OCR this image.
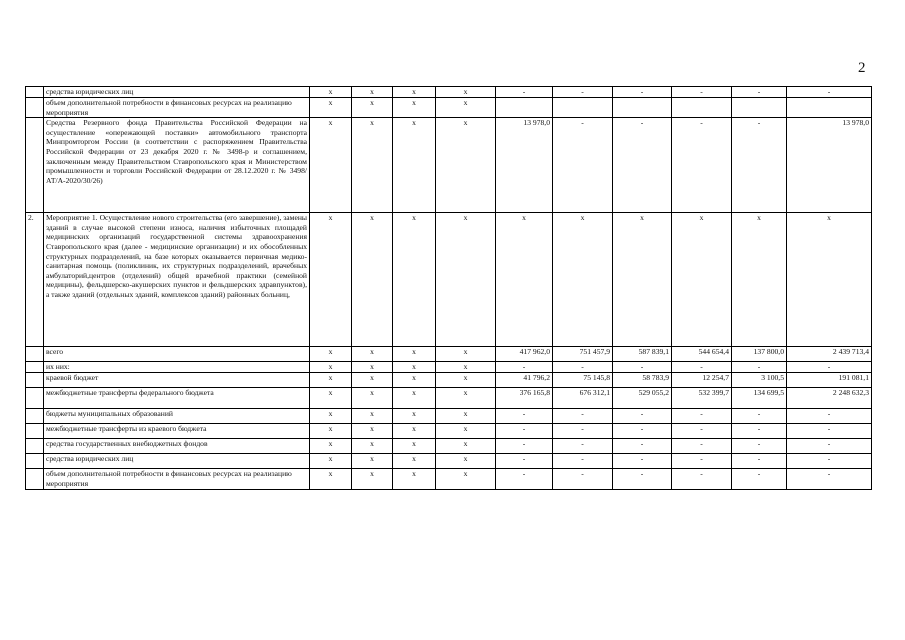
2
	средства юридических лиц	x	x	x	x	-	-	-	-	-	-
	объем дополнительной потребности в финансовых ресурсах на реализацию мероприятия	x	x	x	x						
	Средства Резервного фонда Правительства Российской Федерации на осуществление «опережающей поставки» автомобильного транспорта Минпромторгом России (в соответствии с распоряжением Правительства Российской Федерации от 23 декабря 2020 г. № 3498-р и соглашением, заключенным между Правительством Ставропольского края и Министерством промышленности и торговли Российской Федерации от 28.12.2020 г. № 3498/АТ/А-2020/30/26)	x	x	x	x	13 978,0	-	-	-	-	13 978,0
2.	Мероприятие 1. Осуществление нового строительства (его завершение), замены зданий в случае высокой степени износа, наличия избыточных площадей медицинских организаций государственной системы здравоохранения Ставропольского края (далее - медицинские организации) и их обособленных структурных подразделений, на базе которых оказывается первичная медико-санитарная помощь (поликлиник, их структурных подразделений, врачебных амбулаторий,центров (отделений) общей врачебной практики (семейной медицины), фельдшерско-акушерских пунктов и фельдшерских здравпунктов), а также зданий (отдельных зданий, комплексов зданий) районных больниц,	x	x	x	x	x	x	x	x	x	x
	всего	x	x	x	x	417 962,0	751 457,9	587 839,1	544 654,4	137 800,0	2 439 713,4
	их них:	x	x	x	x	-	-	-	-	-	-
	краевой бюджет	x	x	x	x	41 796,2	75 145,8	58 783,9	12 254,7	3 100,5	191 081,1
	межбюджетные трансферты федерального бюджета	x	x	x	x	376 165,8	676 312,1	529 055,2	532 399,7	134 699,5	2 248 632,3
	бюджеты муниципальных образований	x	x	x	x	-	-	-	-	-	-
	межбюджетные трансферты из краевого бюджета	x	x	x	x	-	-	-	-	-	-
	средства государственных внебюджетных фондов	x	x	x	x	-	-	-	-	-	-
	средства юридических лиц	x	x	x	x	-	-	-	-	-	-
	объем дополнительной потребности в финансовых ресурсах на реализацию мероприятия	x	x	x	x	-	-	-	-	-	-
